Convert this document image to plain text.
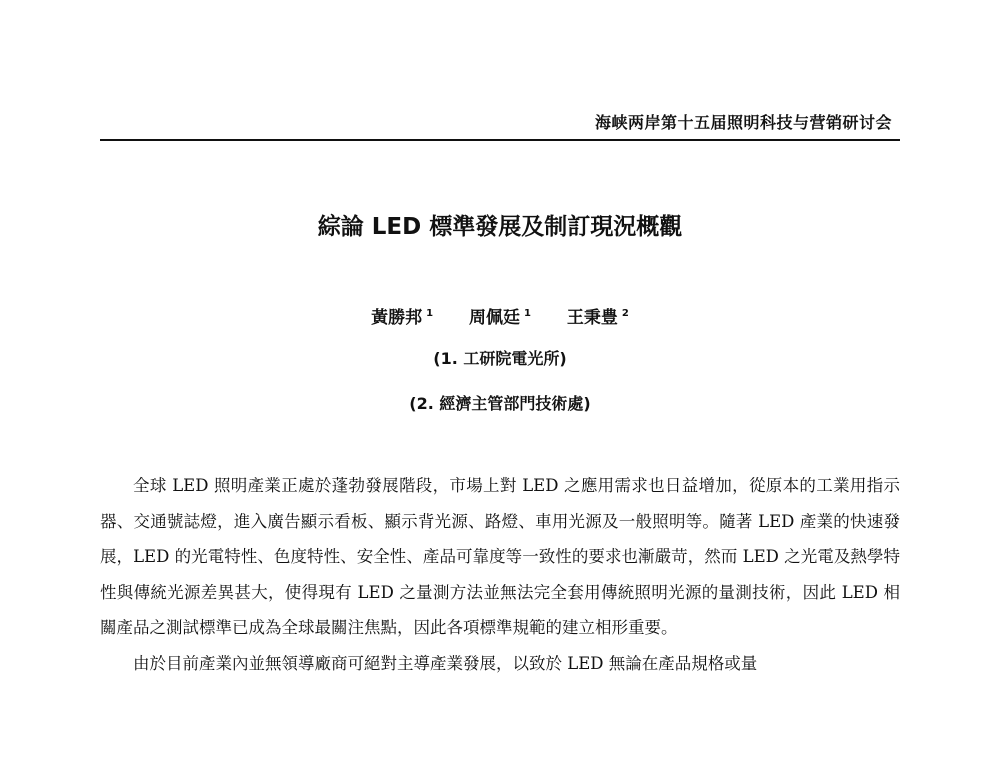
海峡两岸第十五届照明科技与营销研讨会
綜論 LED 標準發展及制訂現況概觀
黃勝邦 $^1$ 周佩廷 $^1$ 王秉豊 $^2$
(1. 工研院電光所)
(2. 經濟主管部門技術處)

全球 LED 照明產業正處於蓬勃發展階段，市場上對 LED 之應用需求也日益增加，從原本的工業用指示器、交通號誌燈，進入廣告顯示看板、顯示背光源、路燈、車用光源及一般照明等。隨著 LED 產業的快速發展，LED 的光電特性、色度特性、安全性、產品可靠度等一致性的要求也漸嚴苛，然而 LED 之光電及熱學特性與傳統光源差異甚大，使得現有 LED 之量測方法並無法完全套用傳統照明光源的量測技術，因此 LED 相關產品之測試標準已成為全球最關注焦點，因此各項標準規範的建立相形重要。

由於目前產業內並無領導廠商可絕對主導產業發展，以致於 LED 無論在產品規格或量
